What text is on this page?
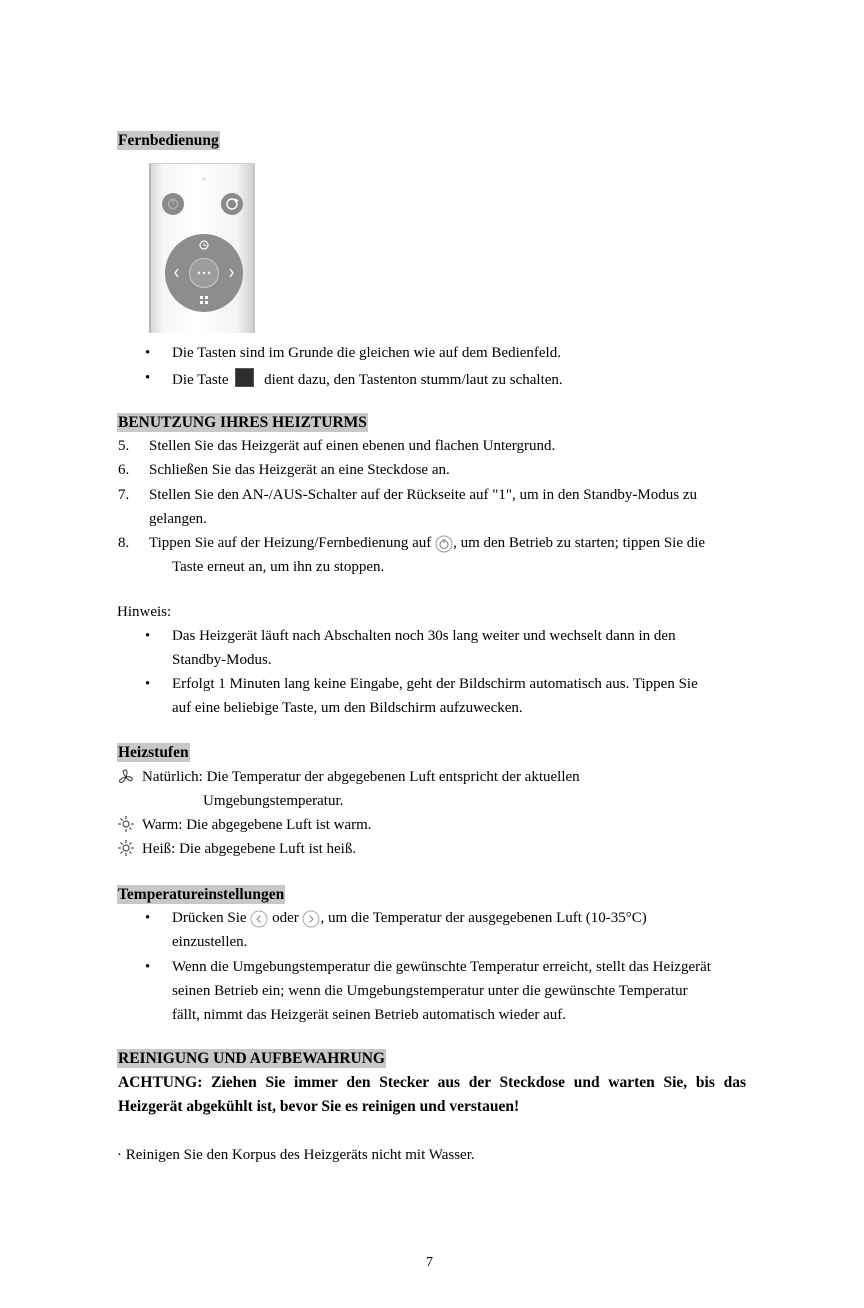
Fernbedienung
• Die Tasten sind im Grunde die gleichen wie auf dem Bedienfeld.
• Die Taste dient dazu, den Tastenton stumm/laut zu schalten.
BENUTZUNG IHRES HEIZTURMS
5. Stellen Sie das Heizgerät auf einen ebenen und flachen Untergrund.
6. Schließen Sie das Heizgerät an eine Steckdose an.
7. Stellen Sie den AN-/AUS-Schalter auf der Rückseite auf "1", um in den Standby-Modus zu
gelangen.
8. Tippen Sie auf der Heizung/Fernbedienung auf , um den Betrieb zu starten; tippen Sie die
Taste erneut an, um ihn zu stoppen.
Hinweis:
• Das Heizgerät läuft nach Abschalten noch 30s lang weiter und wechselt dann in den
Standby-Modus.
• Erfolgt 1 Minuten lang keine Eingabe, geht der Bildschirm automatisch aus. Tippen Sie
auf eine beliebige Taste, um den Bildschirm aufzuwecken.
Heizstufen
Natürlich: Die Temperatur der abgegebenen Luft entspricht der aktuellen
Umgebungstemperatur.
Warm: Die abgegebene Luft ist warm.
Heiß: Die abgegebene Luft ist heiß.
Temperatureinstellungen
• Drücken Sie oder , um die Temperatur der ausgegebenen Luft (10-35°C)
einzustellen.
• Wenn die Umgebungstemperatur die gewünschte Temperatur erreicht, stellt das Heizgerät
seinen Betrieb ein; wenn die Umgebungstemperatur unter die gewünschte Temperatur
fällt, nimmt das Heizgerät seinen Betrieb automatisch wieder auf.
REINIGUNG UND AUFBEWAHRUNG
ACHTUNG: Ziehen Sie immer den Stecker aus der Steckdose und warten Sie, bis das
Heizgerät abgekühlt ist, bevor Sie es reinigen und verstauen!
· Reinigen Sie den Korpus des Heizgeräts nicht mit Wasser.
7
